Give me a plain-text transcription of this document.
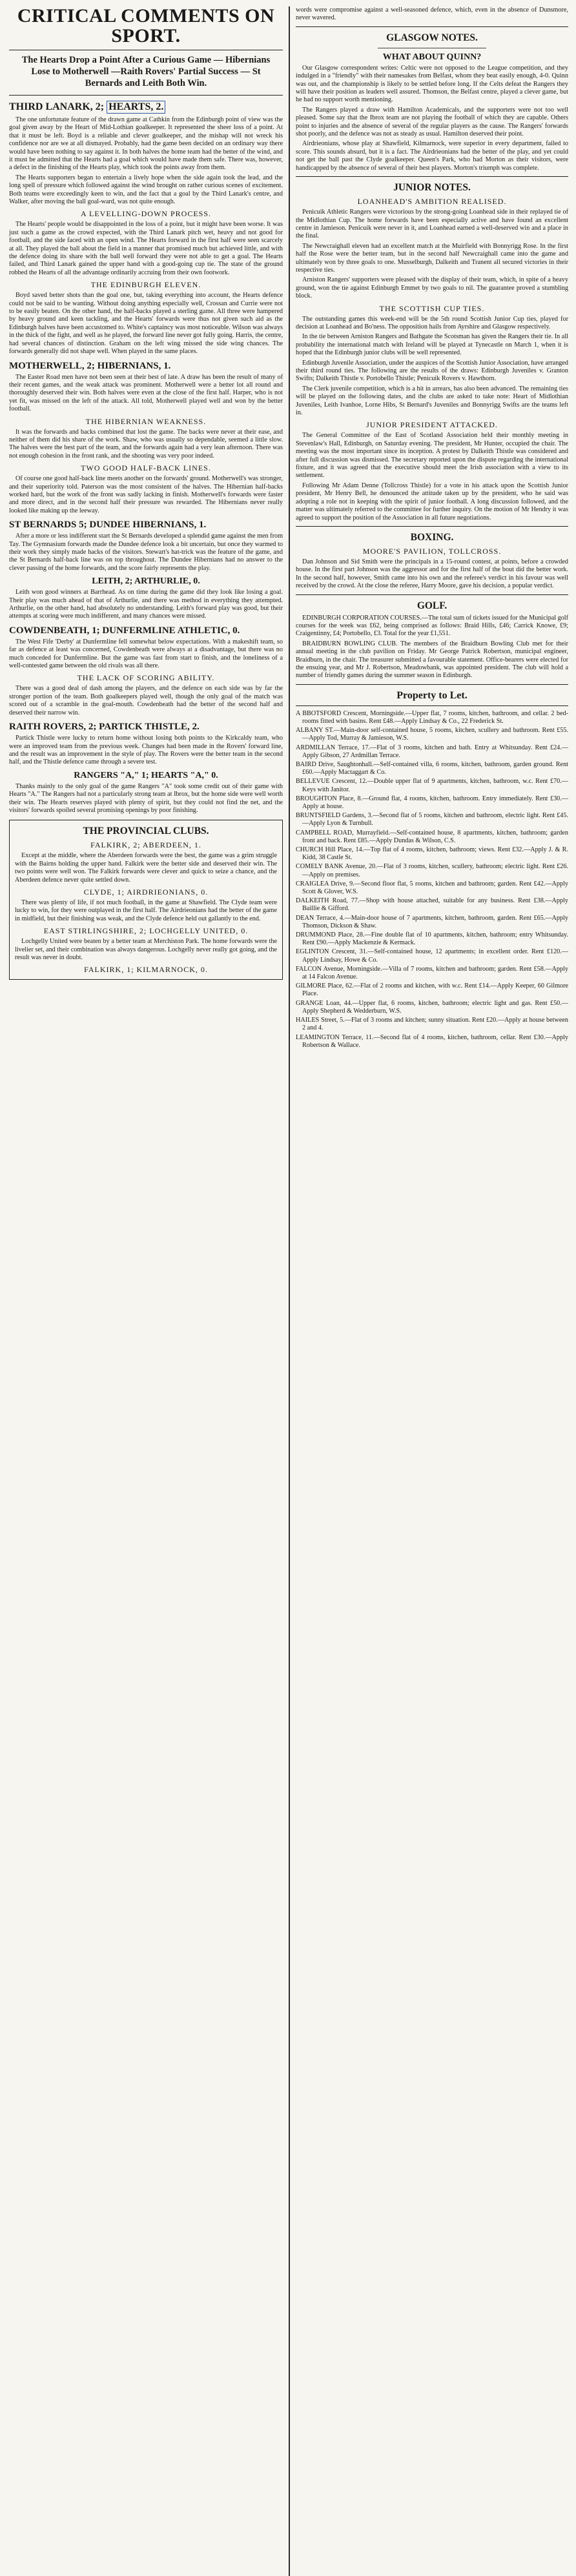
CRITICAL COMMENTS ON SPORT.
The Hearts Drop a Point After a Curious Game — Hibernians Lose to Motherwell —Raith Rovers' Partial Success — St Bernards and Leith Both Win.
THIRD LANARK, 2; HEARTS, 2.

The one unfortunate feature of the drawn game at Cathkin from the Edinburgh point of view was the goal given away by the Heart of Mid-Lothian goalkeeper. It represented the sheer loss of a point. At that it must be left. Boyd is a reliable and clever goalkeeper, and the mishap will not wreck his confidence nor are we at all dismayed. Probably, had the game been decided on an ordinary way there would have been nothing to say against it. In both halves the home team had the better of the wind, and it must be admitted that the Hearts had a goal which would have made them safe. There was, however, a defect in the finishing of the Hearts play, which took the points away from them.

The Hearts supporters began to entertain a lively hope when the side again took the lead, and the long spell of pressure which followed against the wind brought on rather curious scenes of excitement. Both teams were exceedingly keen to win, and the fact that a goal by the Third Lanark's centre, and Walker, after moving the ball goal-ward, was not quite enough.

A LEVELLING-DOWN PROCESS.

The Hearts' people would be disappointed in the loss of a point, but it might have been worse. It was just such a game as the crowd expected, with the Third Lanark pitch wet, heavy and not good for football, and the side faced with an open wind. The Hearts forward in the first half were seen scarcely at all. They played the ball about the field in a manner that promised much but achieved little, and with the defence doing its share with the ball well forward they were not able to get a goal. The Hearts failed, and Third Lanark gained the upper hand with a good-going cup tie. The state of the ground robbed the Hearts of all the advantage ordinarily accruing from their own footwork.

THE EDINBURGH ELEVEN.

Boyd saved better shots than the goal one, but, taking everything into account, the Hearts defence could not be said to be wanting. Without doing anything especially well, Crossan and Currie were not to be easily beaten. On the other hand, the half-backs played a sterling game. All three were hampered by heavy ground and keen tackling, and the Hearts' forwards were thus not given such aid as the Edinburgh halves have been accustomed to. White's captaincy was most noticeable. Wilson was always in the thick of the fight, and well as he played, the forward line never got fully going. Harris, the centre, had several chances of distinction. Graham on the left wing missed the side wing chances. The forwards generally did not shape well. When played in the same places.

MOTHERWELL, 2; HIBERNIANS, 1.

The Easter Road men have not been seen at their best of late. A draw has been the result of many of their recent games, and the weak attack was prominent. Motherwell were a better lot all round and thoroughly deserved their win. Both halves were even at the close of the first half. Harper, who is not yet fit, was missed on the left of the attack. All told, Motherwell played well and won by the better football.

THE HIBERNIAN WEAKNESS.

It was the forwards and backs combined that lost the game. The backs were never at their ease, and neither of them did his share of the work. Shaw, who was usually so dependable, seemed a little slow. The halves were the best part of the team, and the forwards again had a very lean afternoon. There was not enough cohesion in the front rank, and the shooting was very poor indeed.

TWO GOOD HALF-BACK LINES.

Of course one good half-back line meets another on the forwards' ground. Motherwell's was stronger, and their superiority told. Paterson was the most consistent of the halves. The Hibernian half-backs worked hard, but the work of the front was sadly lacking in finish. Motherwell's forwards were faster and more direct, and in the second half their pressure was rewarded. The Hibernians never really looked like making up the leeway.

ST BERNARDS 5; DUNDEE HIBERNIANS, 1.

After a more or less indifferent start the St Bernards developed a splendid game against the men from Tay. The Gymnasium forwards made the Dundee defence look a bit uncertain, but once they warmed to their work they simply made hacks of the visitors. Stewart's hat-trick was the feature of the game, and the St Bernards half-back line was on top throughout. The Dundee Hibernians had no answer to the clever passing of the home forwards, and the score fairly represents the play.

LEITH, 2; ARTHURLIE, 0.

Leith won good winners at Barrhead. As on time during the game did they look like losing a goal. Their play was much ahead of that of Arthurlie, and there was method in everything they attempted. Arthurlie, on the other hand, had absolutely no understanding. Leith's forward play was good, but their attempts at scoring were much indifferent, and many chances were missed.

COWDENBEATH, 1; DUNFERMLINE ATHLETIC, 0.

The West Fife 'Derby' at Dunfermline fell somewhat below expectations. With a makeshift team, so far as defence at least was concerned, Cowdenbeath were always at a disadvantage, but there was no much conceded for Dunfermline. But the game was fast from start to finish, and the loneliness of a well-contested game between the old rivals was all there.

THE LACK OF SCORING ABILITY.

There was a good deal of dash among the players, and the defence on each side was by far the stronger portion of the team. Both goalkeepers played well, though the only goal of the match was scored out of a scramble in the goal-mouth. Cowdenbeath had the better of the second half and deserved their narrow win.

RAITH ROVERS, 2; PARTICK THISTLE, 2.

Partick Thistle were lucky to return home without losing both points to the Kirkcaldy team, who were an improved team from the previous week. Changes had been made in the Rovers' forward line, and the result was an improvement in the style of play. The Rovers were the better team in the second half, and the Thistle defence came through a severe test.

RANGERS "A," 1; HEARTS "A," 0.

Thanks mainly to the only goal of the game Rangers "A" took some credit out of their game with Hearts "A." The Rangers had not a particularly strong team at Ibrox, but the home side were well worth their win. The Hearts reserves played with plenty of spirit, but they could not find the net, and the visitors' forwards spoiled several promising openings by poor finishing.

THE PROVINCIAL CLUBS.
FALKIRK, 2; ABERDEEN, 1.

Except at the middle, where the Aberdeen forwards were the best, the game was a grim struggle with the Bairns holding the upper hand. Falkirk were the better side and deserved their win. The two points were well won. The Falkirk forwards were clever and quick to seize a chance, and the Aberdeen defence never quite settled down.

CLYDE, 1; AIRDRIEONIANS, 0.

There was plenty of life, if not much football, in the game at Shawfield. The Clyde team were lucky to win, for they were outplayed in the first half. The Airdrieonians had the better of the game in midfield, but their finishing was weak, and the Clyde defence held out gallantly to the end.

EAST STIRLINGSHIRE, 2; LOCHGELLY UNITED, 0.

Lochgelly United were beaten by a better team at Merchiston Park. The home forwards were the livelier set, and their combination was always dangerous. Lochgelly never really got going, and the result was never in doubt.

FALKIRK, 1; KILMARNOCK, 0.

words were compromise against a well-seasoned defence, which, even in the absence of Dunsmore, never wavered.

GLASGOW NOTES.
WHAT ABOUT QUINN?

Our Glasgow correspondent writes: Celtic were not opposed to the League competition, and they indulged in a "friendly" with their namesakes from Belfast, whom they beat easily enough, 4-0. Quinn was out, and the championship is likely to be settled before long. If the Celts defeat the Rangers they will have their position as leaders well assured. Thomson, the Belfast centre, played a clever game, but he had no support worth mentioning.

The Rangers played a draw with Hamilton Academicals, and the supporters were not too well pleased. Some say that the Ibrox team are not playing the football of which they are capable. Others point to injuries and the absence of several of the regular players as the cause. The Rangers' forwards shot poorly, and the defence was not as steady as usual. Hamilton deserved their point.

Airdrieonians, whose play at Shawfield, Kilmarnock, were superior in every department, failed to score. This sounds absurd, but it is a fact. The Airdrieonians had the better of the play, and yet could not get the ball past the Clyde goalkeeper. Queen's Park, who had Morton as their visitors, were handicapped by the absence of several of their best players. Morton's triumph was complete.

JUNIOR NOTES.
LOANHEAD'S AMBITION REALISED.

Penicuik Athletic Rangers were victorious by the strong-going Loanhead side in their replayed tie of the Midlothian Cup. The home forwards have been especially active and have found an excellent centre in Jamieson. Penicuik were never in it, and Loanhead earned a well-deserved win and a place in the final.

The Newcraighall eleven had an excellent match at the Muirfield with Bonnyrigg Rose. In the first half the Rose were the better team, but in the second half Newcraighall came into the game and ultimately won by three goals to one. Musselburgh, Dalkeith and Tranent all secured victories in their respective ties.

Arniston Rangers' supporters were pleased with the display of their team, which, in spite of a heavy ground, won the tie against Edinburgh Emmet by two goals to nil. The guarantee proved a stumbling block.

THE SCOTTISH CUP TIES.

The outstanding games this week-end will be the 5th round Scottish Junior Cup ties, played for decision at Loanhead and Bo'ness. The opposition hails from Ayrshire and Glasgow respectively.

In the tie between Arniston Rangers and Bathgate the Scotsman has given the Rangers their tie. In all probability the international match with Ireland will be played at Tynecastle on March 1, when it is hoped that the Edinburgh junior clubs will be well represented.

Edinburgh Juvenile Association, under the auspices of the Scottish Junior Association, have arranged their third round ties. The following are the results of the draws: Edinburgh Juveniles v. Granton Swifts; Dalkeith Thistle v. Portobello Thistle; Penicuik Rovers v. Hawthorn.

The Clerk juvenile competition, which is a hit in arrears, has also been advanced. The remaining ties will be played on the following dates, and the clubs are asked to take note: Heart of Midlothian Juveniles, Leith Ivanhoe, Lorne Hibs, St Bernard's Juveniles and Bonnyrigg Swifts are the teams left in.

JUNIOR PRESIDENT ATTACKED.

The General Committee of the East of Scotland Association held their monthly meeting in Stevenlaw's Hall, Edinburgh, on Saturday evening. The president, Mr Hunter, occupied the chair. The meeting was the most important since its inception. A protest by Dalkeith Thistle was considered and after full discussion was dismissed. The secretary reported upon the dispute regarding the international fixture, and it was agreed that the executive should meet the Irish association with a view to its settlement.

Following Mr Adam Denne (Tollcross Thistle) for a vote in his attack upon the Scottish Junior president, Mr Henry Bell, he denounced the attitude taken up by the president, who he said was adopting a role not in keeping with the spirit of junior football. A long discussion followed, and the matter was ultimately referred to the committee for further inquiry. On the motion of Mr Hendry it was agreed to support the position of the Association in all future negotiations.

BOXING.
MOORE'S PAVILION, TOLLCROSS.

Dan Johnson and Sid Smith were the principals in a 15-round contest, at points, before a crowded house. In the first part Johnson was the aggressor and for the first half of the bout did the better work. In the second half, however, Smith came into his own and the referee's verdict in his favour was well received by the crowd. At the close the referee, Harry Moore, gave his decision, a popular verdict.

GOLF.

EDINBURGH CORPORATION COURSES.—The total sum of tickets issued for the Municipal golf courses for the week was £62, being comprised as follows: Braid Hills, £46; Carrick Knowe, £9; Craigentinny, £4; Portobello, £3. Total for the year £1,551.

BRAIDBURN BOWLING CLUB. The members of the Braidburn Bowling Club met for their annual meeting in the club pavilion on Friday. Mr George Patrick Robertson, municipal engineer, Braidburn, in the chair. The treasurer submitted a favourable statement. Office-bearers were elected for the ensuing year, and Mr J. Robertson, Meadowbank, was appointed president. The club will hold a number of friendly games during the summer season in Edinburgh.

Property to Let.
A BBOTSFORD Crescent, Morningside.—Upper flat, 7 rooms, kitchen, bathroom, and cellar. 2 bed-rooms fitted with basins. Rent £48.—Apply Lindsay & Co., 22 Frederick St.
ALBANY ST.—Main-door self-contained house, 5 rooms, kitchen, scullery and bathroom. Rent £55.—Apply Tod, Murray & Jamieson, W.S.
ARDMILLAN Terrace, 17.—Flat of 3 rooms, kitchen and bath. Entry at Whitsunday. Rent £24.—Apply Gibson, 27 Ardmillan Terrace.
BAIRD Drive, Saughtonhall.—Self-contained villa, 6 rooms, kitchen, bathroom, garden ground. Rent £60.—Apply Mactaggart & Co.
BELLEVUE Crescent, 12.—Double upper flat of 9 apartments, kitchen, bathroom, w.c. Rent £70.—Keys with Janitor.
BROUGHTON Place, 8.—Ground flat, 4 rooms, kitchen, bathroom. Entry immediately. Rent £30.—Apply at house.
BRUNTSFIELD Gardens, 3.—Second flat of 5 rooms, kitchen and bathroom, electric light. Rent £45.—Apply Lyon & Turnbull.
CAMPBELL ROAD, Murrayfield.—Self-contained house, 8 apartments, kitchen, bathroom; garden front and back. Rent £85.—Apply Dundas & Wilson, C.S.
CHURCH Hill Place, 14.—Top flat of 4 rooms, kitchen, bathroom; views. Rent £32.—Apply J. & R. Kidd, 38 Castle St.
COMELY BANK Avenue, 20.—Flat of 3 rooms, kitchen, scullery, bathroom; electric light. Rent £26.—Apply on premises.
CRAIGLEA Drive, 9.—Second floor flat, 5 rooms, kitchen and bathroom; garden. Rent £42.—Apply Scott & Glover, W.S.
DALKEITH Road, 77.—Shop with house attached, suitable for any business. Rent £38.—Apply Baillie & Gifford.
DEAN Terrace, 4.—Main-door house of 7 apartments, kitchen, bathroom, garden. Rent £65.—Apply Thomson, Dickson & Shaw.
DRUMMOND Place, 28.—Fine double flat of 10 apartments, kitchen, bathroom; entry Whitsunday. Rent £90.—Apply Mackenzie & Kermack.
EGLINTON Crescent, 31.—Self-contained house, 12 apartments; in excellent order. Rent £120.—Apply Lindsay, Howe & Co.
FALCON Avenue, Morningside.—Villa of 7 rooms, kitchen and bathroom; garden. Rent £58.—Apply at 14 Falcon Avenue.
GILMORE Place, 62.—Flat of 2 rooms and kitchen, with w.c. Rent £14.—Apply Keeper, 60 Gilmore Place.
GRANGE Loan, 44.—Upper flat, 6 rooms, kitchen, bathroom; electric light and gas. Rent £50.—Apply Shepherd & Wedderburn, W.S.
HAILES Street, 5.—Flat of 3 rooms and kitchen; sunny situation. Rent £20.—Apply at house between 2 and 4.
LEAMINGTON Terrace, 11.—Second flat of 4 rooms, kitchen, bathroom, cellar. Rent £30.—Apply Robertson & Wallace.
